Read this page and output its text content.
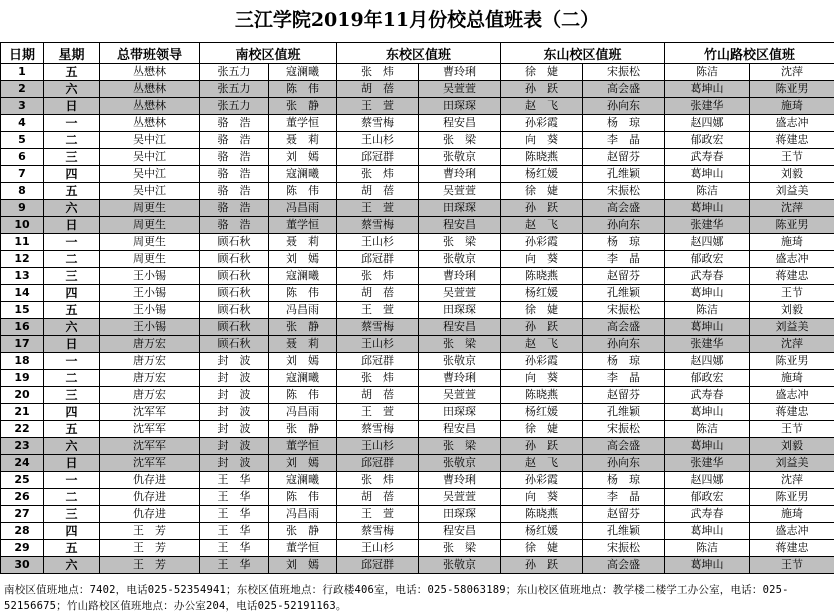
三江学院2019年11月份校总值班表（二）
日期	星期	总带班领导	南校区值班		东校区值班		东山校区值班		竹山路校区值班	
1	五	丛懋林	张五力	寇澜曦	张　炜	曹玲琍	徐　婕	宋振松	陈洁	沈萍
2	六	丛懋林	张五力	陈　伟	胡　蓓	吴萱萱	孙　跃	高会盛	葛坤山	陈亚男
3	日	丛懋林	张五力	张　静	王　萱	田琛琛	赵　飞	孙向东	张建华	施琦
4	一	丛懋林	骆　浩	董学恒	蔡雪梅	程安昌	孙彩霞	杨　琼	赵四娜	盛志冲
5	二	吴中江	骆　浩	聂　莉	王山杉	张　梁	向　葵	李　晶	郁政宏	蒋建忠
6	三	吴中江	骆　浩	刘　嫣	邱冠群	张敬京	陈晓燕	赵留芬	武寿春	王节
7	四	吴中江	骆　浩	寇澜曦	张　炜	曹玲琍	杨红媛	孔维颖	葛坤山	刘毅
8	五	吴中江	骆　浩	陈　伟	胡　蓓	吴萱萱	徐　婕	宋振松	陈洁	刘益美
9	六	周更生	骆　浩	冯昌雨	王　萱	田琛琛	孙　跃	高会盛	葛坤山	沈萍
10	日	周更生	骆　浩	董学恒	蔡雪梅	程安昌	赵　飞	孙向东	张建华	陈亚男
11	一	周更生	顾石秋	聂　莉	王山杉	张　梁	孙彩霞	杨　琼	赵四娜	施琦
12	二	周更生	顾石秋	刘　嫣	邱冠群	张敬京	向　葵	李　晶	郁政宏	盛志冲
13	三	王小锡	顾石秋	寇澜曦	张　炜	曹玲琍	陈晓燕	赵留芬	武寿春	蒋建忠
14	四	王小锡	顾石秋	陈　伟	胡　蓓	吴萱萱	杨红媛	孔维颖	葛坤山	王节
15	五	王小锡	顾石秋	冯昌雨	王　萱	田琛琛	徐　婕	宋振松	陈洁	刘毅
16	六	王小锡	顾石秋	张　静	蔡雪梅	程安昌	孙　跃	高会盛	葛坤山	刘益美
17	日	唐万宏	顾石秋	聂　莉	王山杉	张　梁	赵　飞	孙向东	张建华	沈萍
18	一	唐万宏	封　波	刘　嫣	邱冠群	张敬京	孙彩霞	杨　琼	赵四娜	陈亚男
19	二	唐万宏	封　波	寇澜曦	张　炜	曹玲琍	向　葵	李　晶	郁政宏	施琦
20	三	唐万宏	封　波	陈　伟	胡　蓓	吴萱萱	陈晓燕	赵留芬	武寿春	盛志冲
21	四	沈军军	封　波	冯昌雨	王　萱	田琛琛	杨红媛	孔维颖	葛坤山	蒋建忠
22	五	沈军军	封　波	张　静	蔡雪梅	程安昌	徐　婕	宋振松	陈洁	王节
23	六	沈军军	封　波	董学恒	王山杉	张　梁	孙　跃	高会盛	葛坤山	刘毅
24	日	沈军军	封　波	刘　嫣	邱冠群	张敬京	赵　飞	孙向东	张建华	刘益美
25	一	仇存进	王　华	寇澜曦	张　炜	曹玲琍	孙彩霞	杨　琼	赵四娜	沈萍
26	二	仇存进	王　华	陈　伟	胡　蓓	吴萱萱	向　葵	李　晶	郁政宏	陈亚男
27	三	仇存进	王　华	冯昌雨	王　萱	田琛琛	陈晓燕	赵留芬	武寿春	施琦
28	四	王　芳	王　华	张　静	蔡雪梅	程安昌	杨红媛	孔维颖	葛坤山	盛志冲
29	五	王　芳	王　华	董学恒	王山杉	张　梁	徐　婕	宋振松	陈洁	蒋建忠
30	六	王　芳	王　华	刘　嫣	邱冠群	张敬京	孙　跃	高会盛	葛坤山	王节
南校区值班地点：7402，电话025-52354941；东校区值班地点：行政楼406室，电话：025-58063189；东山校区值班地点：教学楼二楼学工办公室，电话：025-52156675；竹山路校区值班地点：办公室204，电话025-52191163。
